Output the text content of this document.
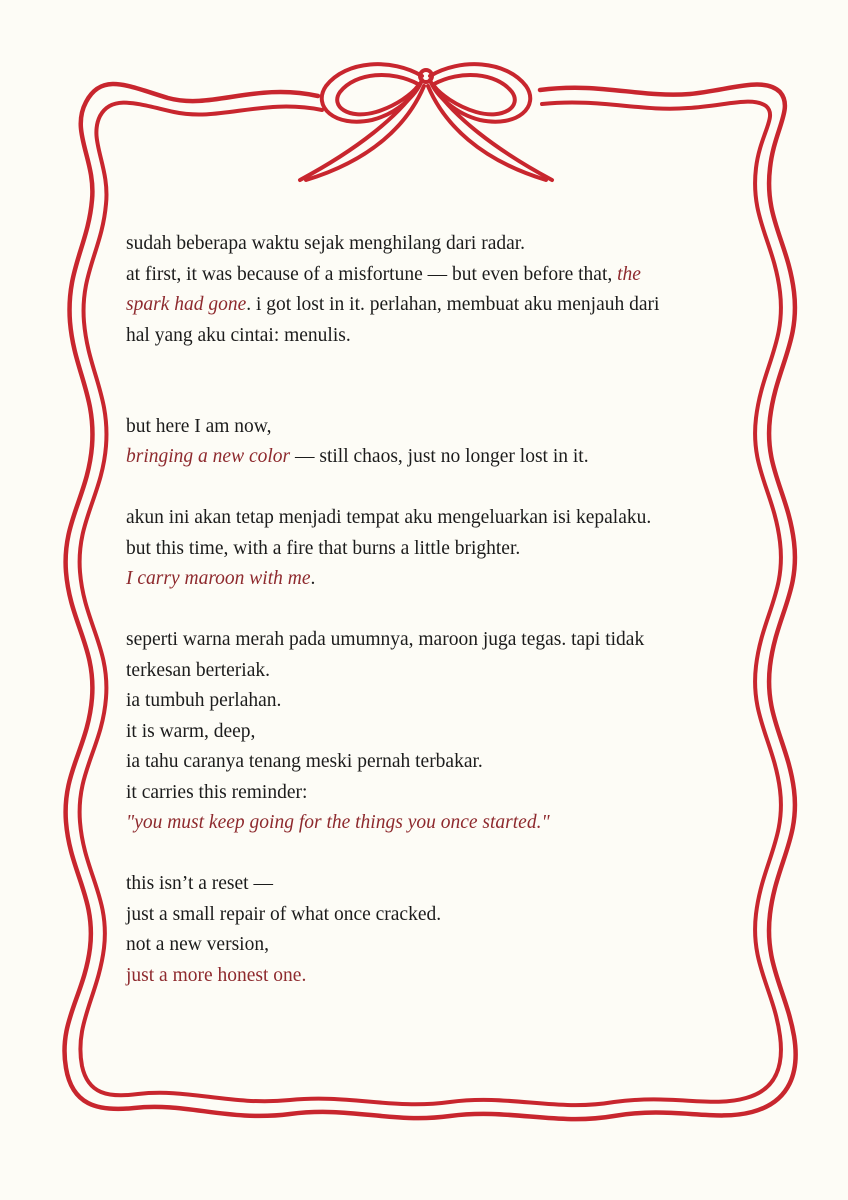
sudah beberapa waktu sejak menghilang dari radar.
at first, it was because of a misfortune — but even before that, the
spark had gone. i got lost in it. perlahan, membuat aku menjauh dari
hal yang aku cintai: menulis.
but here I am now,
bringing a new color — still chaos, just no longer lost in it.
akun ini akan tetap menjadi tempat aku mengeluarkan isi kepalaku.
but this time, with a fire that burns a little brighter.
I carry maroon with me.
seperti warna merah pada umumnya, maroon juga tegas. tapi tidak
terkesan berteriak.
ia tumbuh perlahan.
it is warm, deep,
ia tahu caranya tenang meski pernah terbakar.
it carries this reminder:
"you must keep going for the things you once started."
this isn’t a reset —
just a small repair of what once cracked.
not a new version,
just a more honest one.
